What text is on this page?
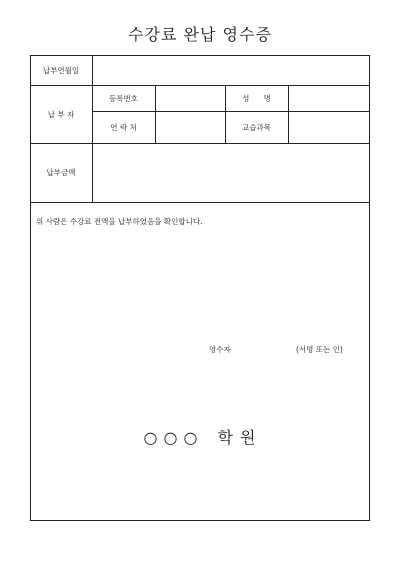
수강료 완납 영수증
납부연월일
납 부 자
등록번호	성      명
연 락 처	교습과목
납부금액
위 사람은 수강료 전액을 납부하였음을 확인합니다.
영수자	(서명 또는 인)
○○○ 학 원
